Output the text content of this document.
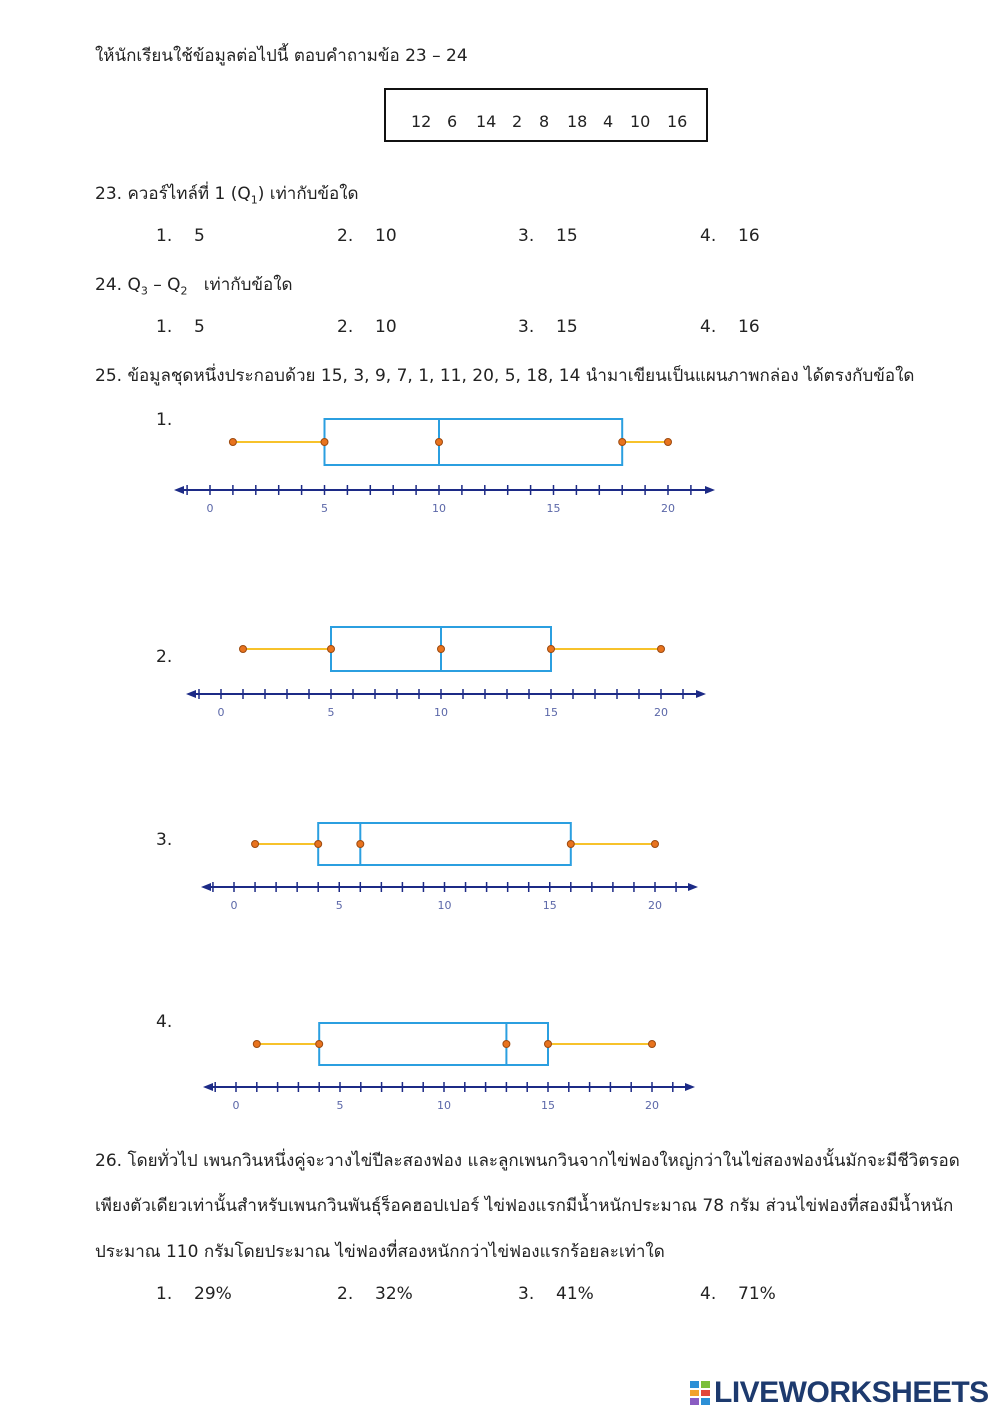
ให้นักเรียนใช้ข้อมูลต่อไปนี้ ตอบคำถามข้อ 23 – 24
12 6 14 2 8 18 4 10 16
23. ควอร์ไทล์ที่ 1 $(Q_1)$ เท่ากับข้อใด
1. 5	2. 10	3. 15	4. 16
24. $Q_3 - Q_2$   เท่ากับข้อใด
1. 5	2. 10	3. 15	4. 16
25. ข้อมูลชุดหนึ่งประกอบด้วย 15, 3, 9, 7, 1, 11, 20, 5, 18, 14 นำมาเขียนเป็นแผนภาพกล่อง ได้ตรงกับข้อใด
1.
2.
3.
4.
0	5	10	15	20
0	5	10	15	20
0	5	10	15	20
0	5	10	15	20
26. โดยทั่วไป เพนกวินหนึ่งคู่จะวางไข่ปีละสองฟอง และลูกเพนกวินจากไข่ฟองใหญ่กว่าในไข่สองฟองนั้นมักจะมีชีวิตรอด
เพียงตัวเดียวเท่านั้นสำหรับเพนกวินพันธุ์ร็อคฮอปเปอร์ ไข่ฟองแรกมีน้ำหนักประมาณ 78 กรัม ส่วนไข่ฟองที่สองมีน้ำหนัก
ประมาณ 110 กรัมโดยประมาณ ไข่ฟองที่สองหนักกว่าไข่ฟองแรกร้อยละเท่าใด
1. 29%	2. 32%	3. 41%	4. 71%
LIVEWORKSHEETS
